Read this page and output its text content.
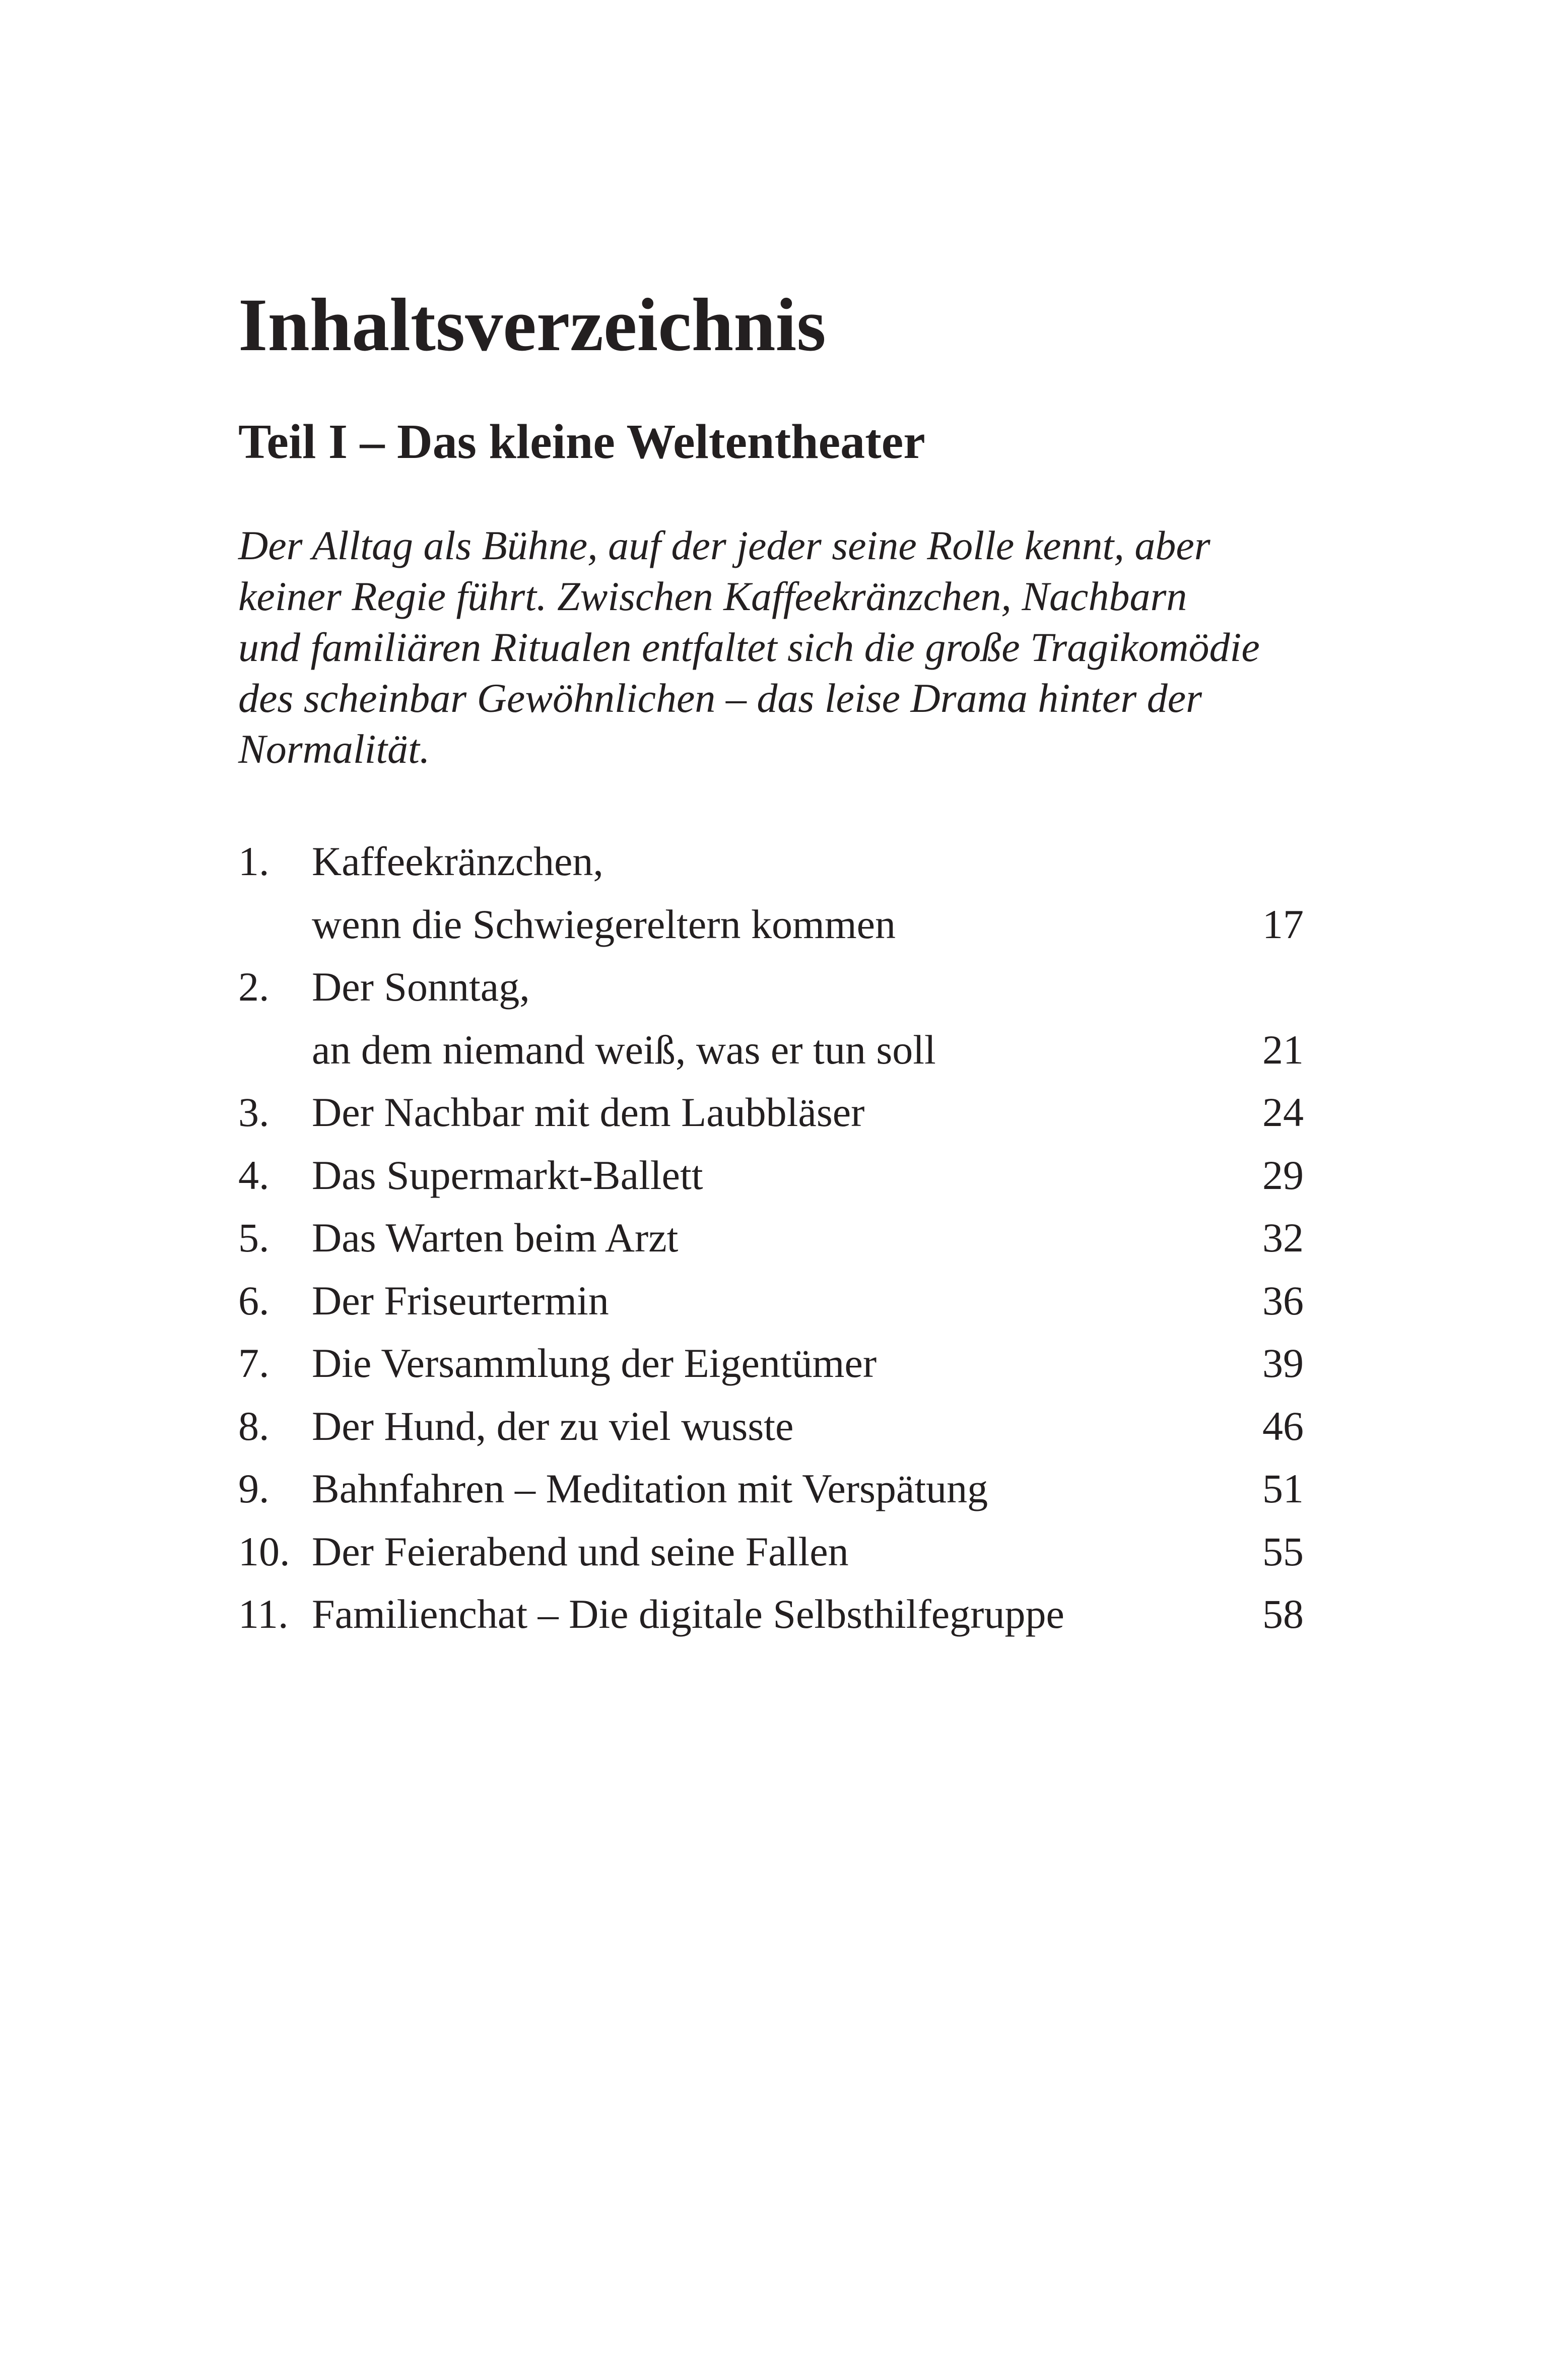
Inhaltsverzeichnis
Teil I – Das kleine Weltentheater

Der Alltag als Bühne, auf der jeder seine Rolle kennt, aber
keiner Regie führt. Zwischen Kaffeekränzchen, Nachbarn
und familiären Ritualen entfaltet sich die große Tragikomödie
des scheinbar Gewöhnlichen – das leise Drama hinter der
Normalität.

1. Kaffeekränzchen,
wenn die Schwiegereltern kommen	17
2. Der Sonntag,
an dem niemand weiß, was er tun soll	21
3. Der Nachbar mit dem Laubbläser	24
4. Das Supermarkt-Ballett	29
5. Das Warten beim Arzt	32
6. Der Friseurtermin	36
7. Die Versammlung der Eigentümer	39
8. Der Hund, der zu viel wusste	46
9. Bahnfahren – Meditation mit Verspätung	51
10. Der Feierabend und seine Fallen	55
11. Familienchat – Die digitale Selbsthilfegruppe	58
